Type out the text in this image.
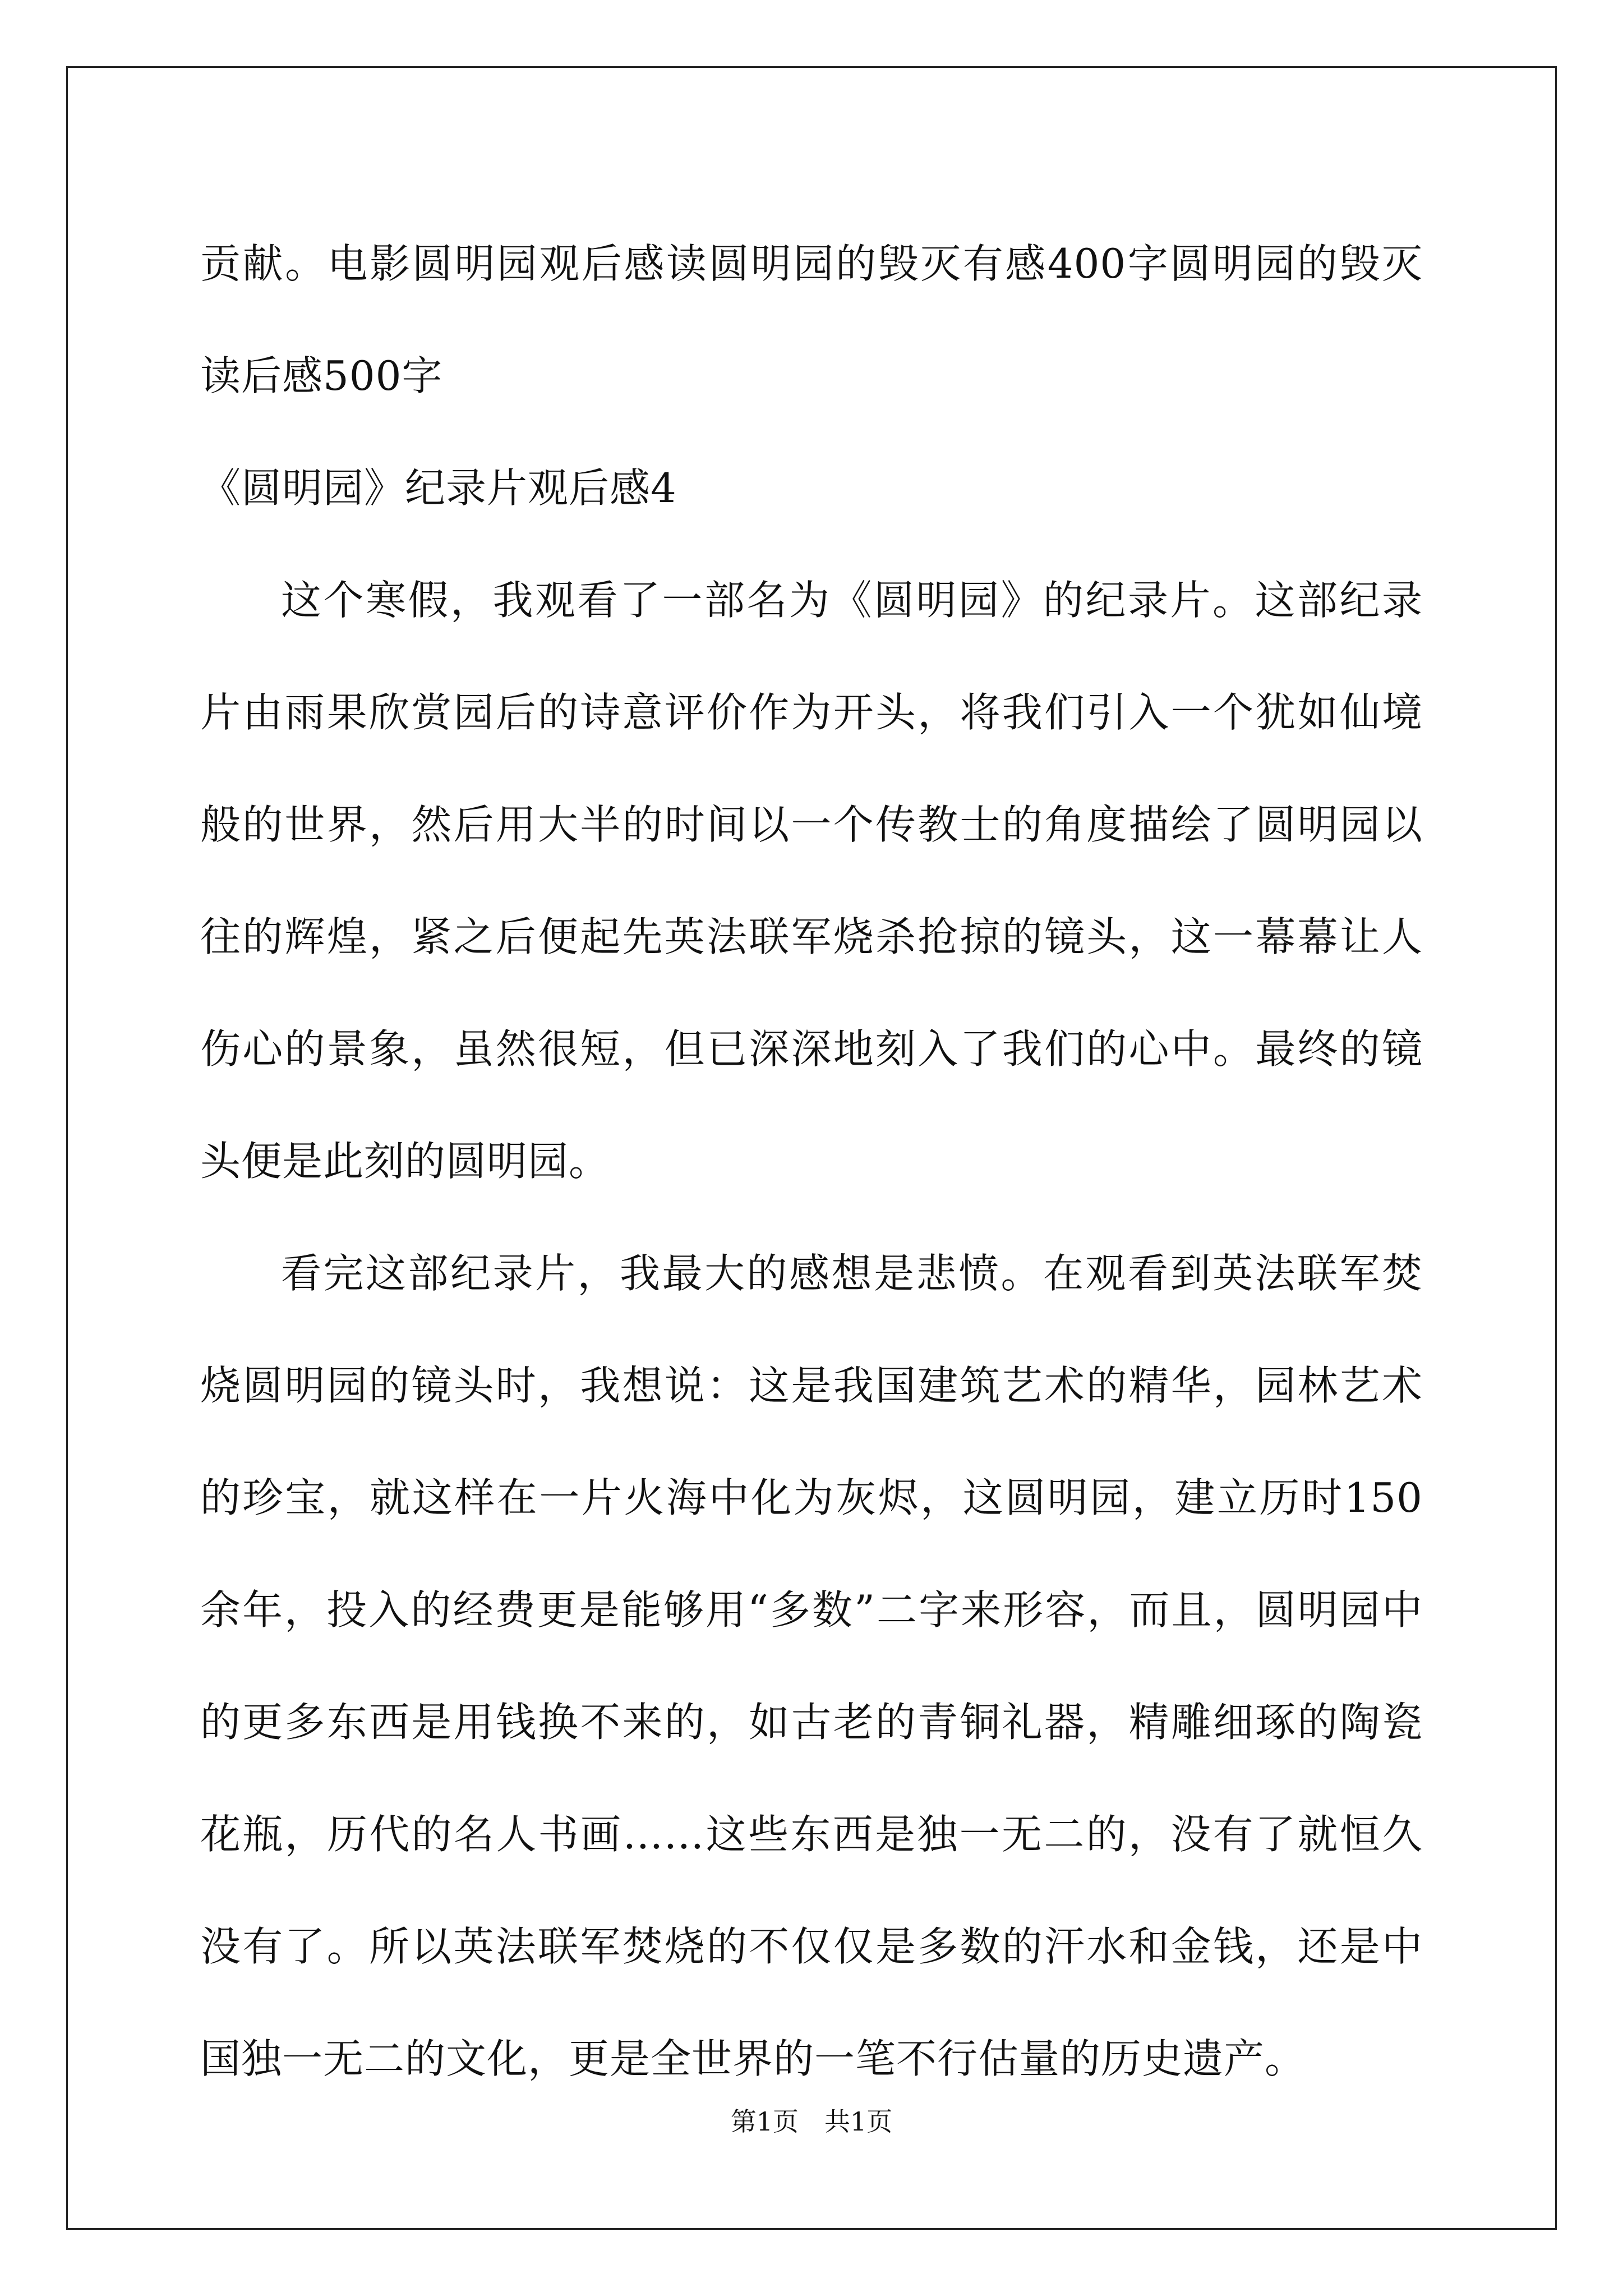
贡献。电影圆明园观后感读圆明园的毁灭有感400字圆明园的毁灭读后感500字

《圆明园》纪录片观后感4

这个寒假，我观看了一部名为《圆明园》的纪录片。这部纪录片由雨果欣赏园后的诗意评价作为开头，将我们引入一个犹如仙境般的世界，然后用大半的时间以一个传教士的角度描绘了圆明园以往的辉煌，紧之后便起先英法联军烧杀抢掠的镜头，这一幕幕让人伤心的景象，虽然很短，但已深深地刻入了我们的心中。最终的镜头便是此刻的圆明园。

看完这部纪录片，我最大的感想是悲愤。在观看到英法联军焚烧圆明园的镜头时，我想说：这是我国建筑艺术的精华，园林艺术的珍宝，就这样在一片火海中化为灰烬，这圆明园，建立历时150余年，投入的经费更是能够用“多数”二字来形容，而且，圆明园中的更多东西是用钱换不来的，如古老的青铜礼器，精雕细琢的陶瓷花瓶，历代的名人书画……这些东西是独一无二的，没有了就恒久没有了。所以英法联军焚烧的不仅仅是多数的汗水和金钱，还是中国独一无二的文化，更是全世界的一笔不行估量的历史遗产。

第1页 共1页
